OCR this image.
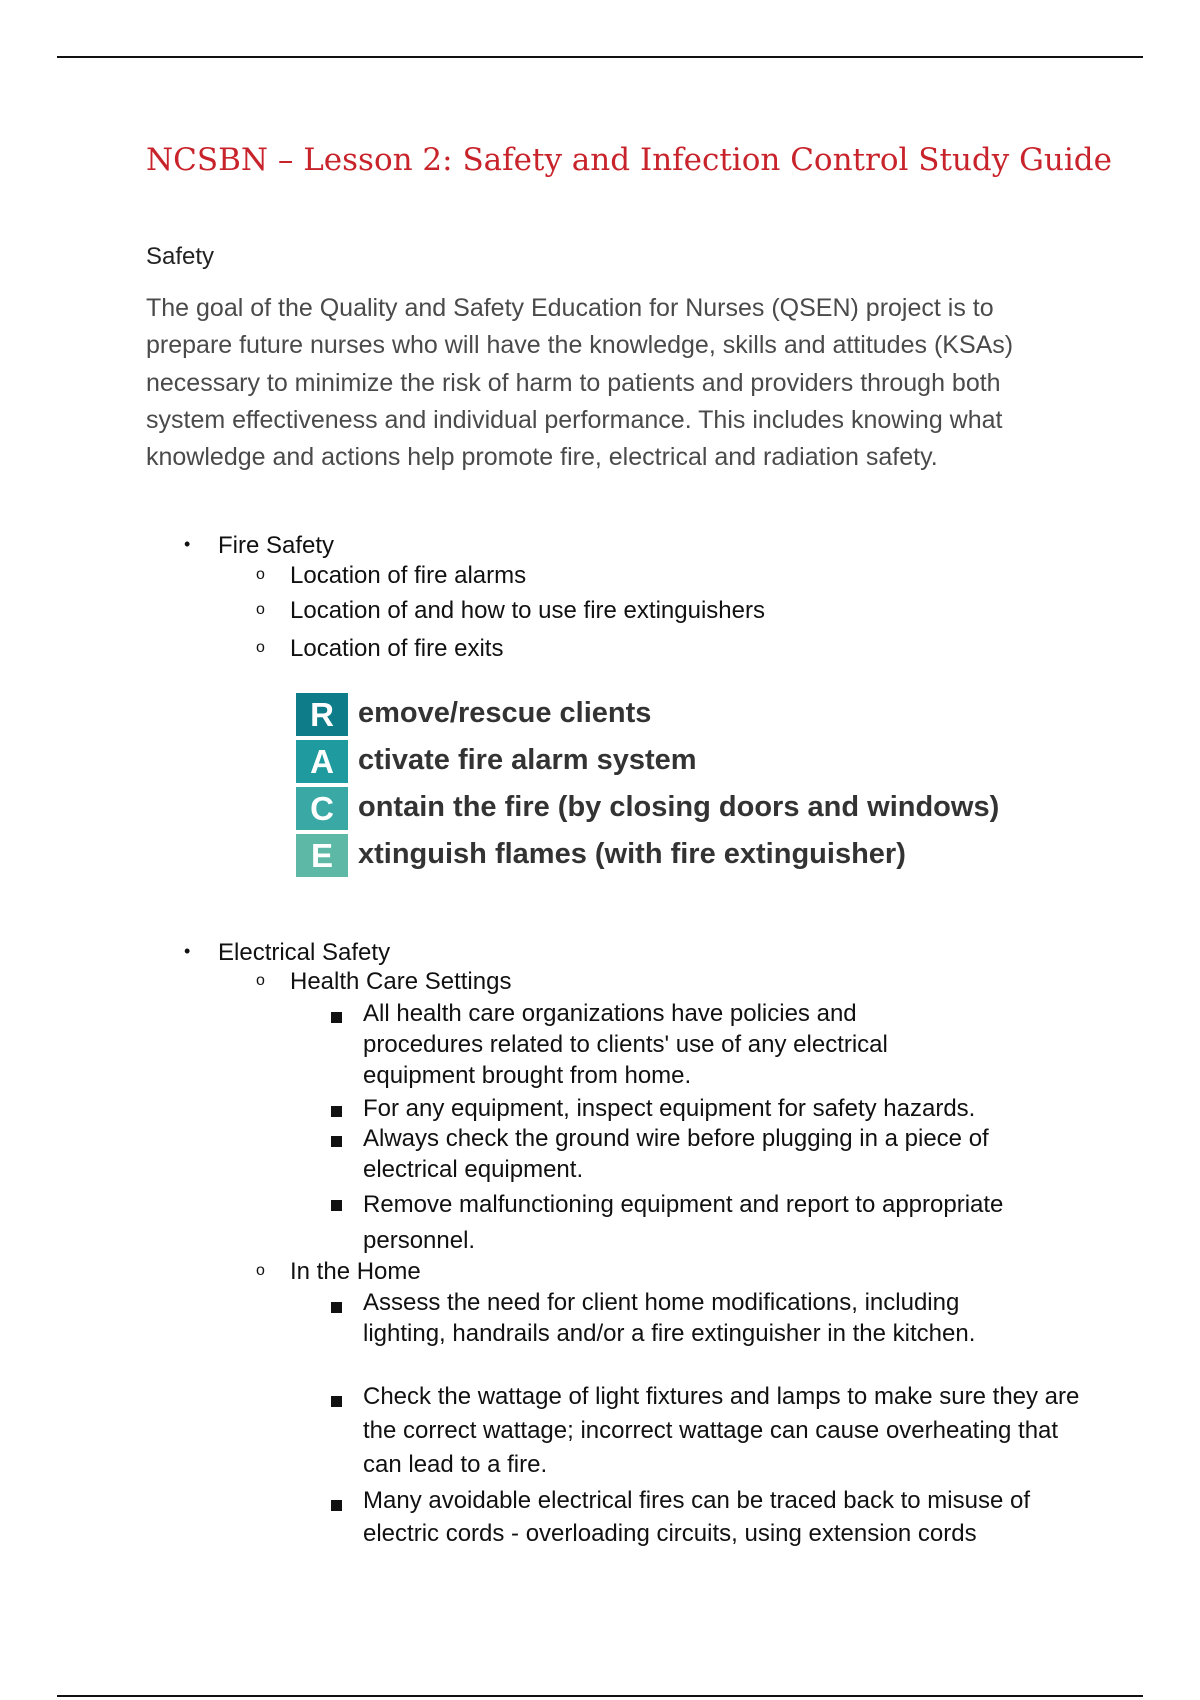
NCSBN – Lesson 2: Safety and Infection Control Study Guide

Safety

The goal of the Quality and Safety Education for Nurses (QSEN) project is to prepare future nurses who will have the knowledge, skills and attitudes (KSAs) necessary to minimize the risk of harm to patients and providers through both system effectiveness and individual performance. This includes knowing what knowledge and actions help promote fire, electrical and radiation safety.

• Fire Safety
o Location of fire alarms
o Location of and how to use fire extinguishers
o Location of fire exits
R emove/rescue clients
A ctivate fire alarm system
C ontain the fire (by closing doors and windows)
E xtinguish flames (with fire extinguisher)
• Electrical Safety
o Health Care Settings
All health care organizations have policies and procedures related to clients' use of any electrical equipment brought from home.
For any equipment, inspect equipment for safety hazards.
Always check the ground wire before plugging in a piece of electrical equipment.
Remove malfunctioning equipment and report to appropriate personnel.
o In the Home
Assess the need for client home modifications, including lighting, handrails and/or a fire extinguisher in the kitchen.
Check the wattage of light fixtures and lamps to make sure they are the correct wattage; incorrect wattage can cause overheating that can lead to a fire.
Many avoidable electrical fires can be traced back to misuse of electric cords - overloading circuits, using extension cords
